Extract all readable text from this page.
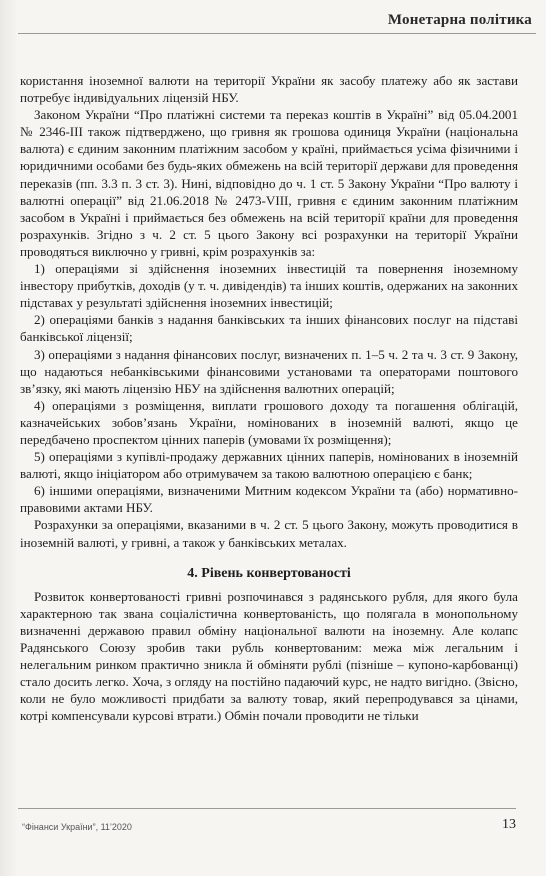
Монетарна політика

користання іноземної валюти на території України як засобу платежу або як застави потребує індивідуальних ліцензій НБУ.

Законом України “Про платіжні системи та переказ коштів в Україні” від 05.04.2001 № 2346-III також підтверджено, що гривня як грошова одиниця України (національна валюта) є єдиним законним платіжним засобом у країні, приймається усіма фізичними і юридичними особами без будь-яких обмежень на всій території держави для проведення переказів (пп. 3.3 п. 3 ст. 3). Нині, відповідно до ч. 1 ст. 5 Закону України “Про валюту і валютні операції” від 21.06.2018 № 2473-VIII, гривня є єдиним законним платіжним засобом в Україні і приймається без обмежень на всій території країни для проведення розрахунків. Згідно з ч. 2 ст. 5 цього Закону всі розрахунки на території України проводяться виключно у гривні, крім розрахунків за:

1) операціями зі здійснення іноземних інвестицій та повернення іноземному інвестору прибутків, доходів (у т. ч. дивідендів) та інших коштів, одержаних на законних підставах у результаті здійснення іноземних інвестицій;

2) операціями банків з надання банківських та інших фінансових послуг на підставі банківської ліцензії;

3) операціями з надання фінансових послуг, визначених п. 1–5 ч. 2 та ч. 3 ст. 9 Закону, що надаються небанківськими фінансовими установами та операторами поштового зв’язку, які мають ліцензію НБУ на здійснення валютних операцій;

4) операціями з розміщення, виплати грошового доходу та погашення облігацій, казначейських зобов’язань України, номінованих в іноземній валюті, якщо це передбачено проспектом цінних паперів (умовами їх розміщення);

5) операціями з купівлі-продажу державних цінних паперів, номінованих в іноземній валюті, якщо ініціатором або отримувачем за такою валютною операцією є банк;

6) іншими операціями, визначеними Митним кодексом України та (або) нормативно-правовими актами НБУ.

Розрахунки за операціями, вказаними в ч. 2 ст. 5 цього Закону, можуть проводитися в іноземній валюті, у гривні, а також у банківських металах.

4. Рівень конвертованості

Розвиток конвертованості гривні розпочинався з радянського рубля, для якого була характерною так звана соціалістична конвертованість, що полягала в монопольному визначенні державою правил обміну національної валюти на іноземну. Але колапс Радянського Союзу зробив таки рубль конвертованим: межа між легальним і нелегальним ринком практично зникла й обміняти рублі (пізніше – купоно-карбованці) стало досить легко. Хоча, з огляду на постійно падаючий курс, не надто вигідно. (Звісно, коли не було можливості придбати за валюту товар, який перепродувався за цінами, котрі компенсували курсові втрати.) Обмін почали проводити не тільки

“Фінанси України”, 11’2020	13
